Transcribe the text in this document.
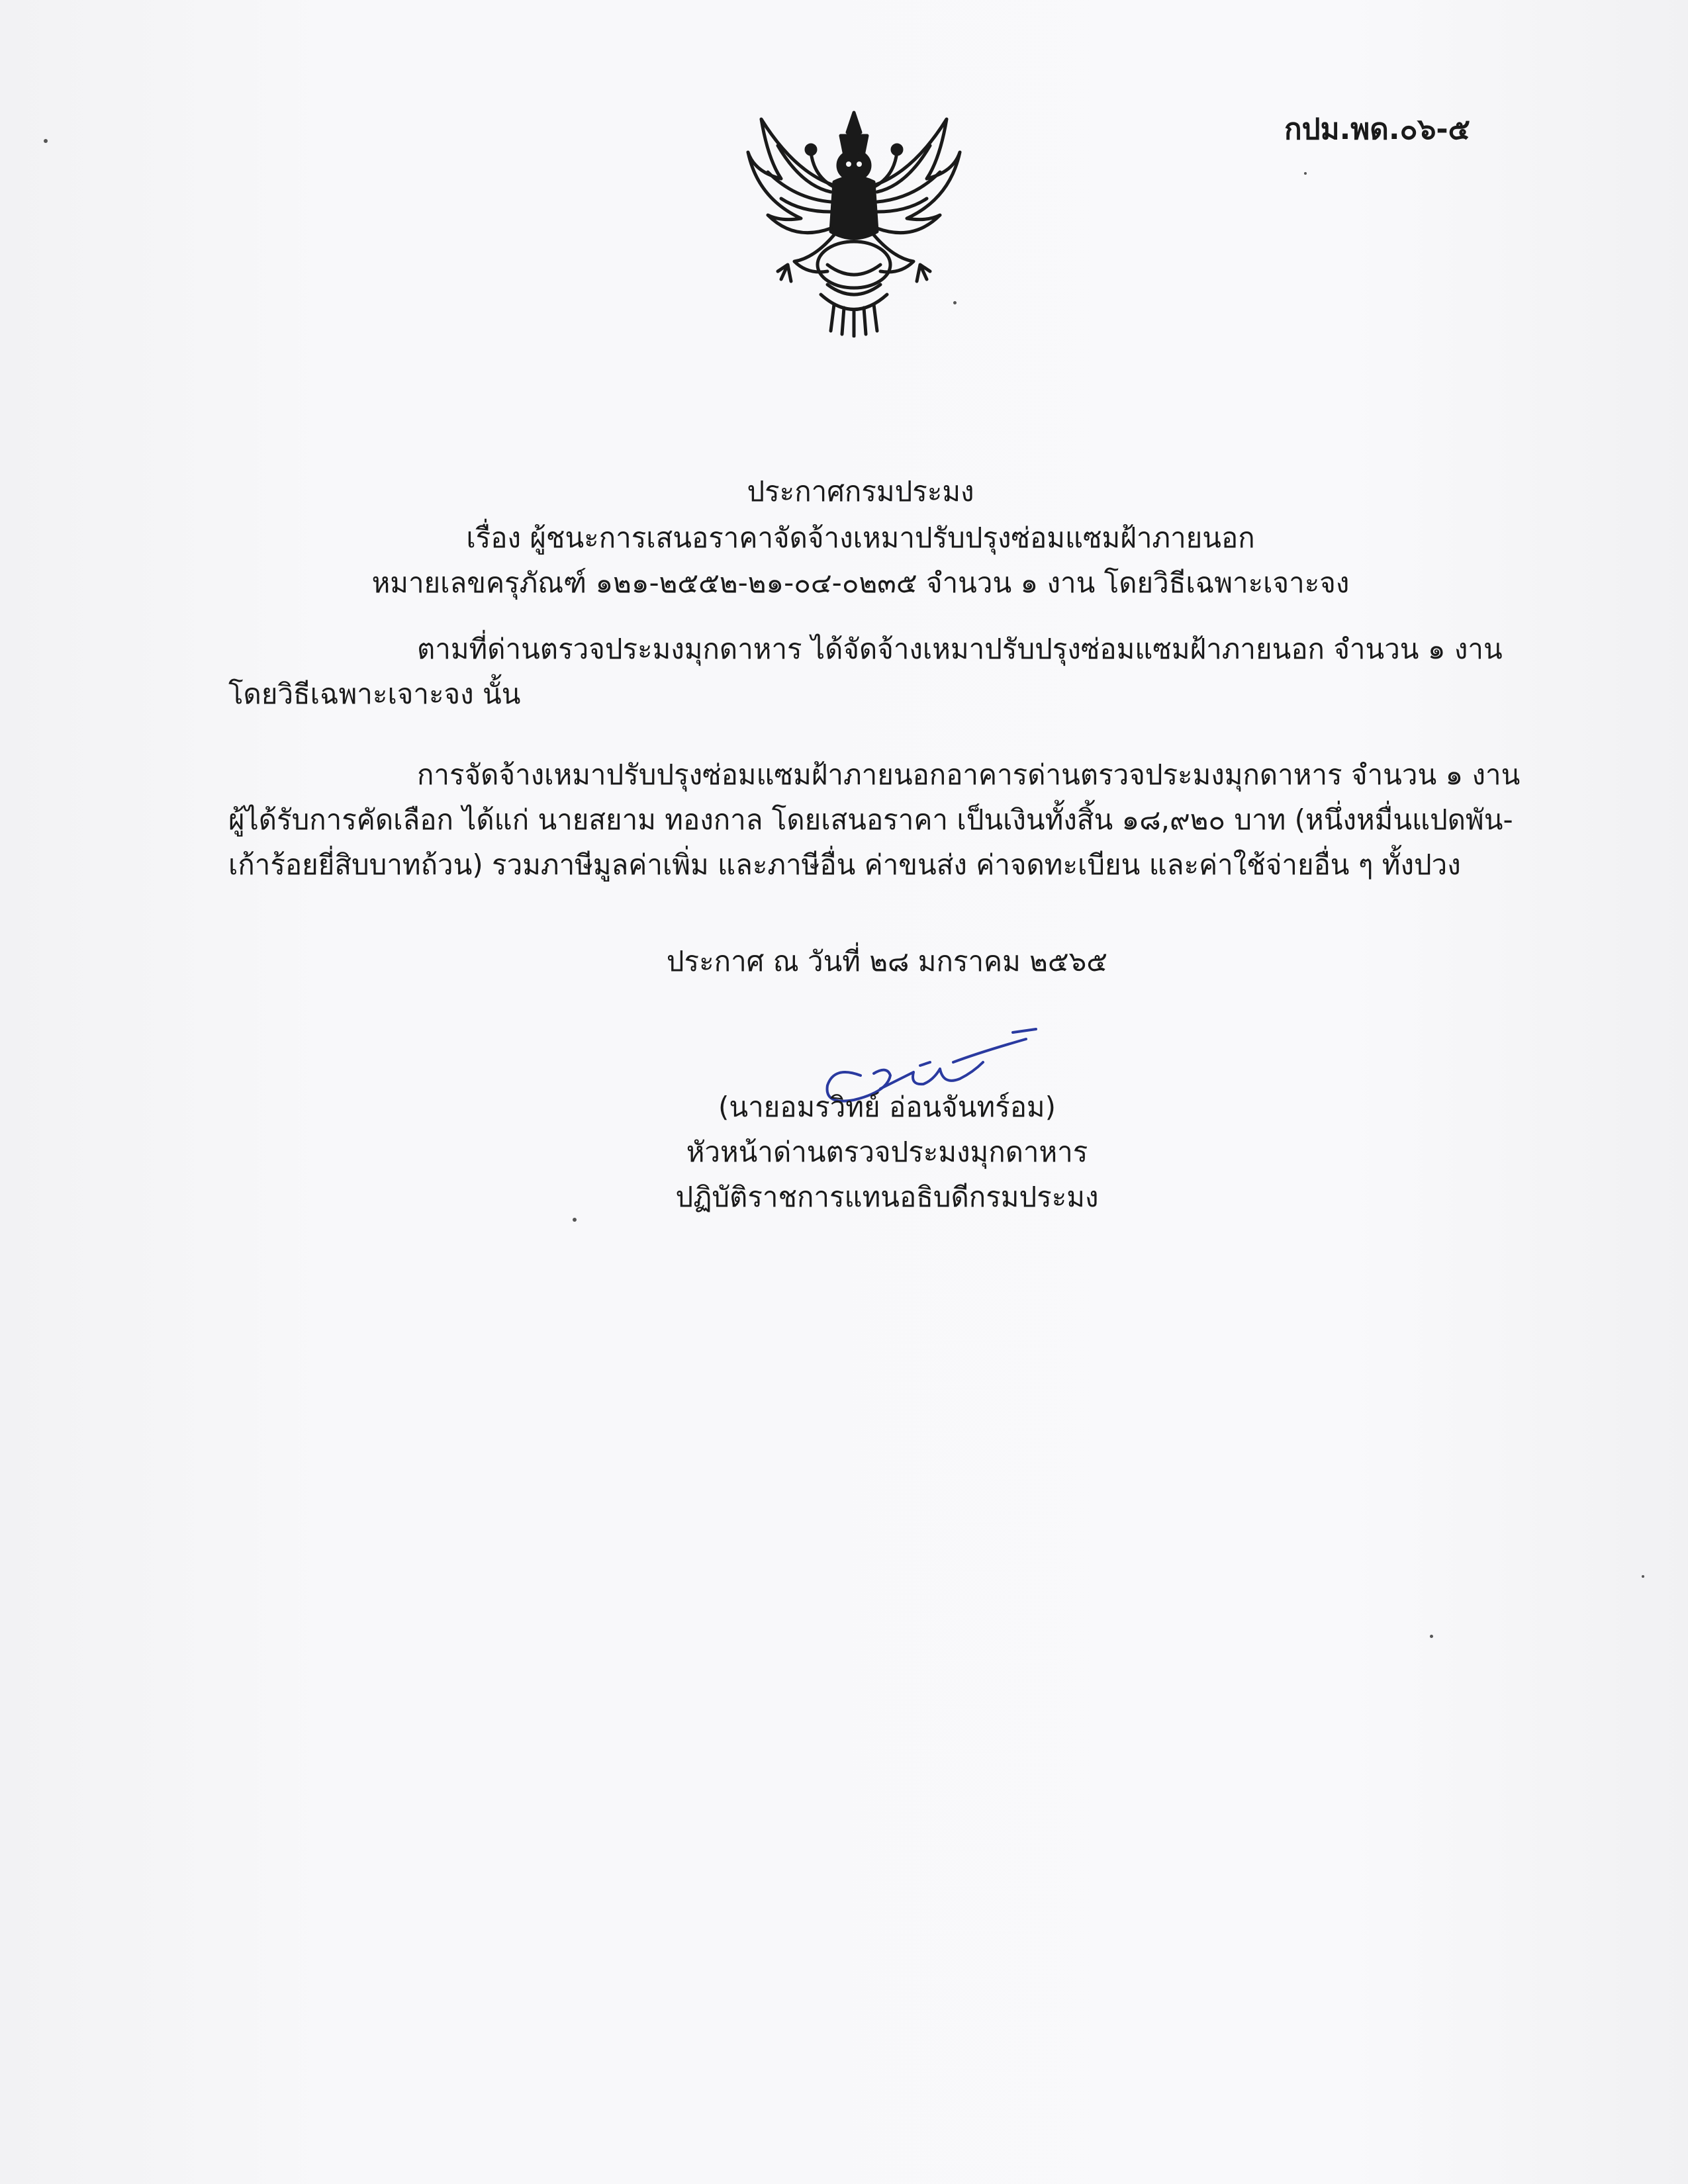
กปม.พด.๐๖-๕
ประกาศกรมประมง
เรื่อง ผู้ชนะการเสนอราคาจัดจ้างเหมาปรับปรุงซ่อมแซมฝ้าภายนอก
หมายเลขครุภัณฑ์ ๑๒๑-๒๕๕๒-๒๑-๐๔-๐๒๓๕ จำนวน ๑ งาน โดยวิธีเฉพาะเจาะจง
ตามที่ด่านตรวจประมงมุกดาหาร ได้จัดจ้างเหมาปรับปรุงซ่อมแซมฝ้าภายนอก จำนวน ๑ งาน
โดยวิธีเฉพาะเจาะจง นั้น
การจัดจ้างเหมาปรับปรุงซ่อมแซมฝ้าภายนอกอาคารด่านตรวจประมงมุกดาหาร จำนวน ๑ งาน
ผู้ได้รับการคัดเลือก ได้แก่ นายสยาม ทองกาล โดยเสนอราคา เป็นเงินทั้งสิ้น ๑๘,๙๒๐ บาท (หนึ่งหมื่นแปดพัน-
เก้าร้อยยี่สิบบาทถ้วน) รวมภาษีมูลค่าเพิ่ม และภาษีอื่น ค่าขนส่ง ค่าจดทะเบียน และค่าใช้จ่ายอื่น ๆ ทั้งปวง
ประกาศ ณ วันที่ ๒๘ มกราคม ๒๕๖๕
(นายอมรวิทย์ อ่อนจันทร์อม)
หัวหน้าด่านตรวจประมงมุกดาหาร
ปฏิบัติราชการแทนอธิบดีกรมประมง
